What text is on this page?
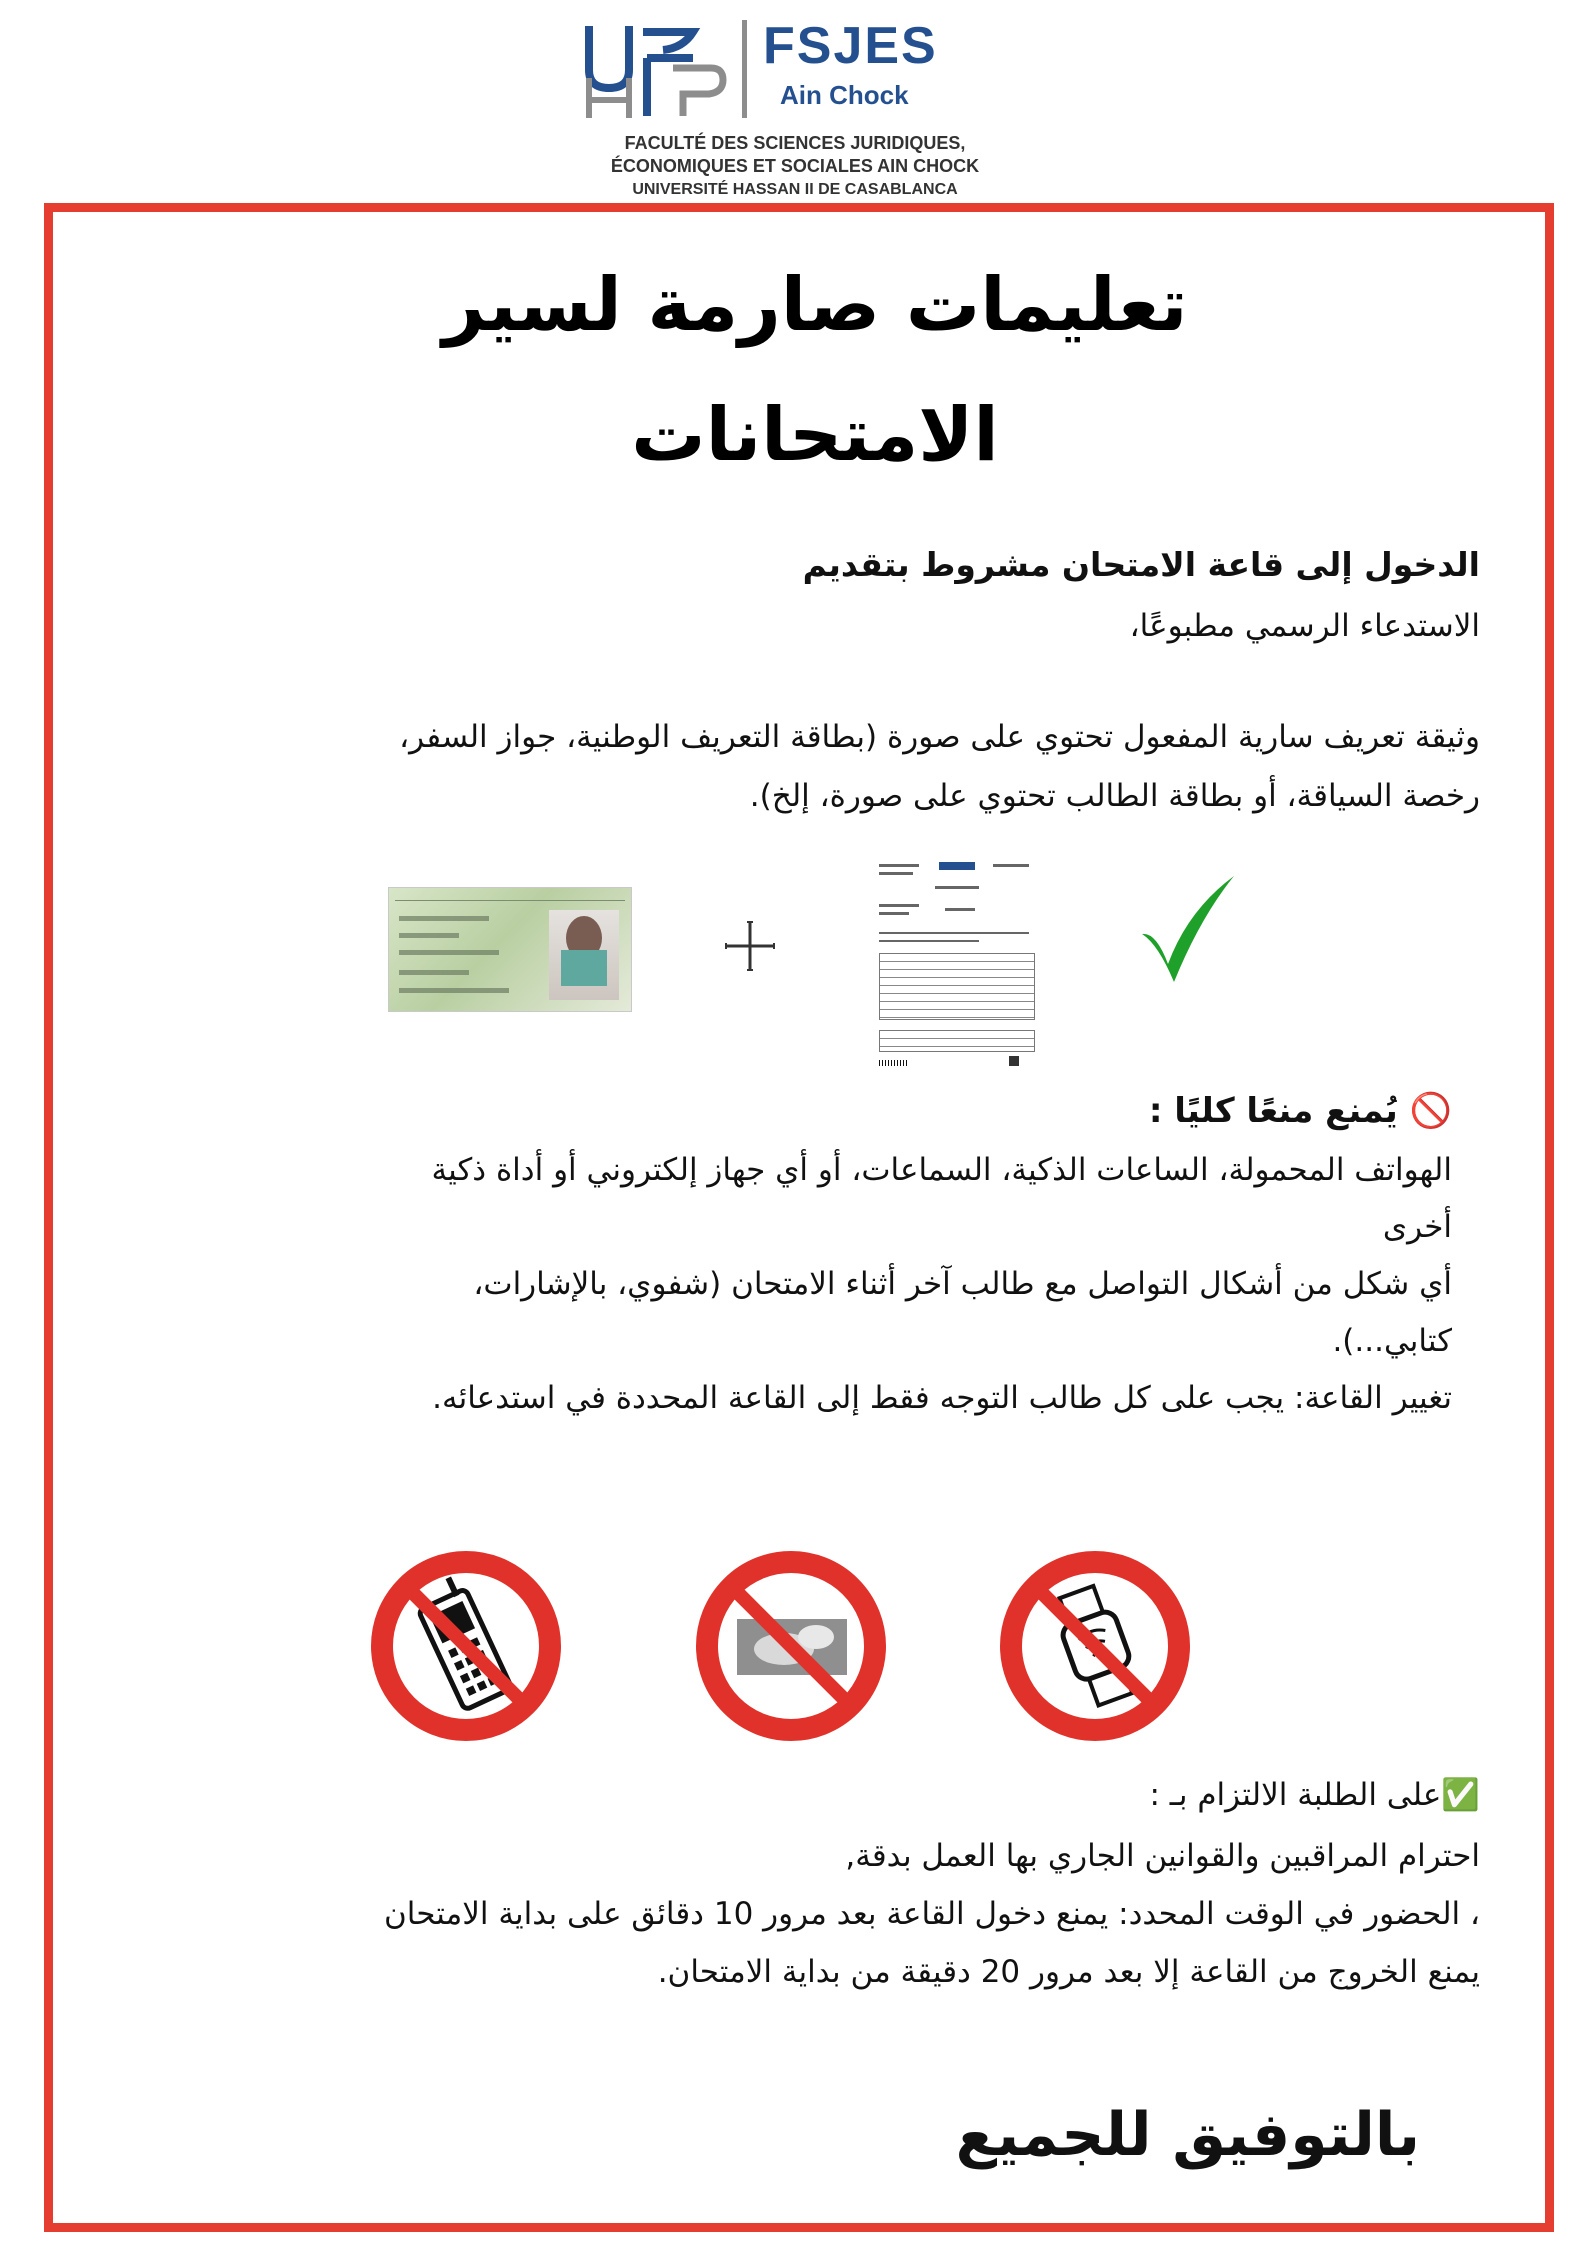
FSJES
Ain Chock
FACULTÉ DES SCIENCES JURIDIQUES,
ÉCONOMIQUES ET SOCIALES AIN CHOCK
UNIVERSITÉ HASSAN II DE CASABLANCA
تعليمات صارمة لسير
الامتحانات
الدخول إلى قاعة الامتحان مشروط بتقديم
الاستدعاء الرسمي مطبوعًا،
وثيقة تعريف سارية المفعول تحتوي على صورة (بطاقة التعريف الوطنية، جواز السفر،
رخصة السياقة، أو بطاقة الطالب تحتوي على صورة، إلخ).
🚫 يُمنع منعًا كليًا :
الهواتف المحمولة، الساعات الذكية، السماعات، أو أي جهاز إلكتروني أو أداة ذكية
أخرى
أي شكل من أشكال التواصل مع طالب آخر أثناء الامتحان (شفوي، بالإشارات،
كتابي...).
تغيير القاعة: يجب على كل طالب التوجه فقط إلى القاعة المحددة في استدعائه.
✅على الطلبة الالتزام بـ :
احترام المراقبين والقوانين الجاري بها العمل بدقة,
، الحضور في الوقت المحدد: يمنع دخول القاعة بعد مرور 10 دقائق على بداية الامتحان
يمنع الخروج من القاعة إلا بعد مرور 20 دقيقة من بداية الامتحان.
بالتوفيق للجميع
